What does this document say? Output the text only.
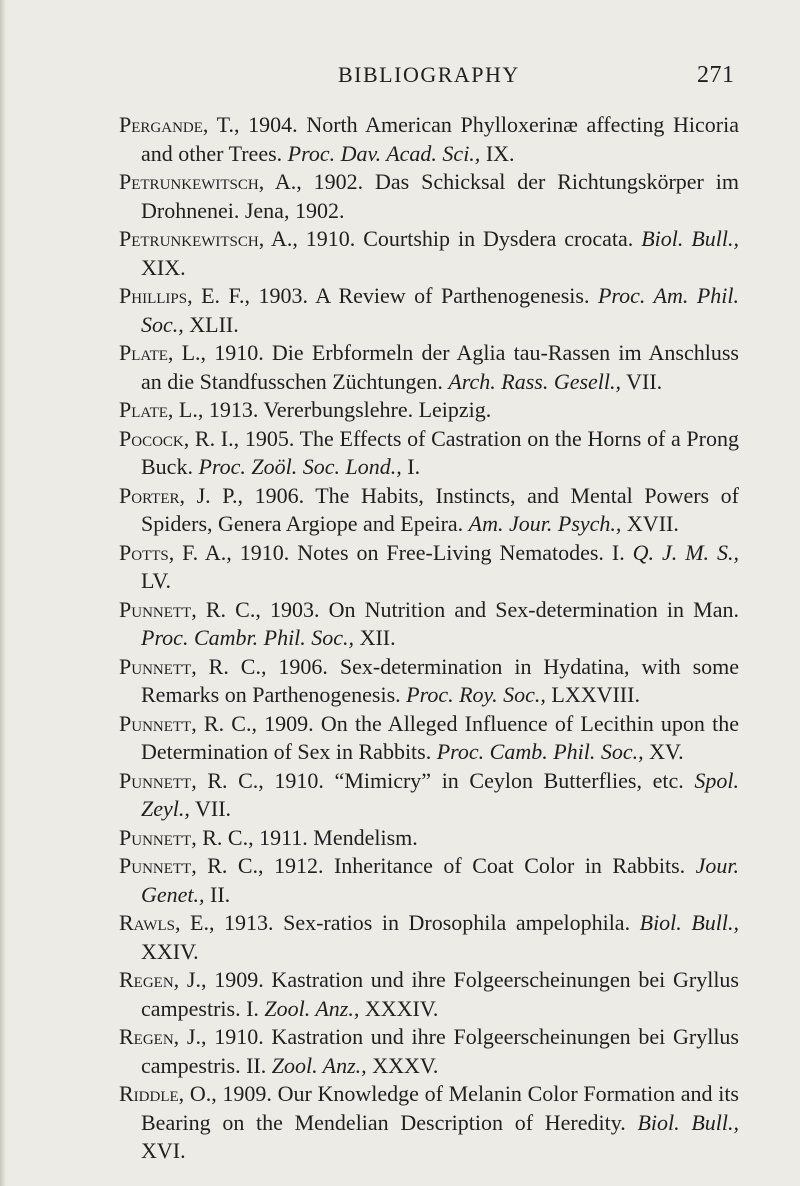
BIBLIOGRAPHY	271

Pergande, T., 1904. North American Phylloxerinæ affecting Hicoria and other Trees. Proc. Dav. Acad. Sci., IX.

Petrunkewitsch, A., 1902. Das Schicksal der Richtungskörper im Drohnenei. Jena, 1902.

Petrunkewitsch, A., 1910. Courtship in Dysdera crocata. Biol. Bull., XIX.

Phillips, E. F., 1903. A Review of Parthenogenesis. Proc. Am. Phil. Soc., XLII.

Plate, L., 1910. Die Erbformeln der Aglia tau-Rassen im Anschluss an die Standfusschen Züchtungen. Arch. Rass. Gesell., VII.

Plate, L., 1913. Vererbungslehre. Leipzig.

Pocock, R. I., 1905. The Effects of Castration on the Horns of a Prong Buck. Proc. Zoöl. Soc. Lond., I.

Porter, J. P., 1906. The Habits, Instincts, and Mental Powers of Spiders, Genera Argiope and Epeira. Am. Jour. Psych., XVII.

Potts, F. A., 1910. Notes on Free-Living Nematodes. I. Q. J. M. S., LV.

Punnett, R. C., 1903. On Nutrition and Sex-determination in Man. Proc. Cambr. Phil. Soc., XII.

Punnett, R. C., 1906. Sex-determination in Hydatina, with some Remarks on Parthenogenesis. Proc. Roy. Soc., LXXVIII.

Punnett, R. C., 1909. On the Alleged Influence of Lecithin upon the Determination of Sex in Rabbits. Proc. Camb. Phil. Soc., XV.

Punnett, R. C., 1910. “Mimicry” in Ceylon Butterflies, etc. Spol. Zeyl., VII.

Punnett, R. C., 1911. Mendelism.

Punnett, R. C., 1912. Inheritance of Coat Color in Rabbits. Jour. Genet., II.

Rawls, E., 1913. Sex-ratios in Drosophila ampelophila. Biol. Bull., XXIV.

Regen, J., 1909. Kastration und ihre Folgeerscheinungen bei Gryllus campestris. I. Zool. Anz., XXXIV.

Regen, J., 1910. Kastration und ihre Folgeerscheinungen bei Gryllus campestris. II. Zool. Anz., XXXV.

Riddle, O., 1909. Our Knowledge of Melanin Color Formation and its Bearing on the Mendelian Description of Heredity. Biol. Bull., XVI.
